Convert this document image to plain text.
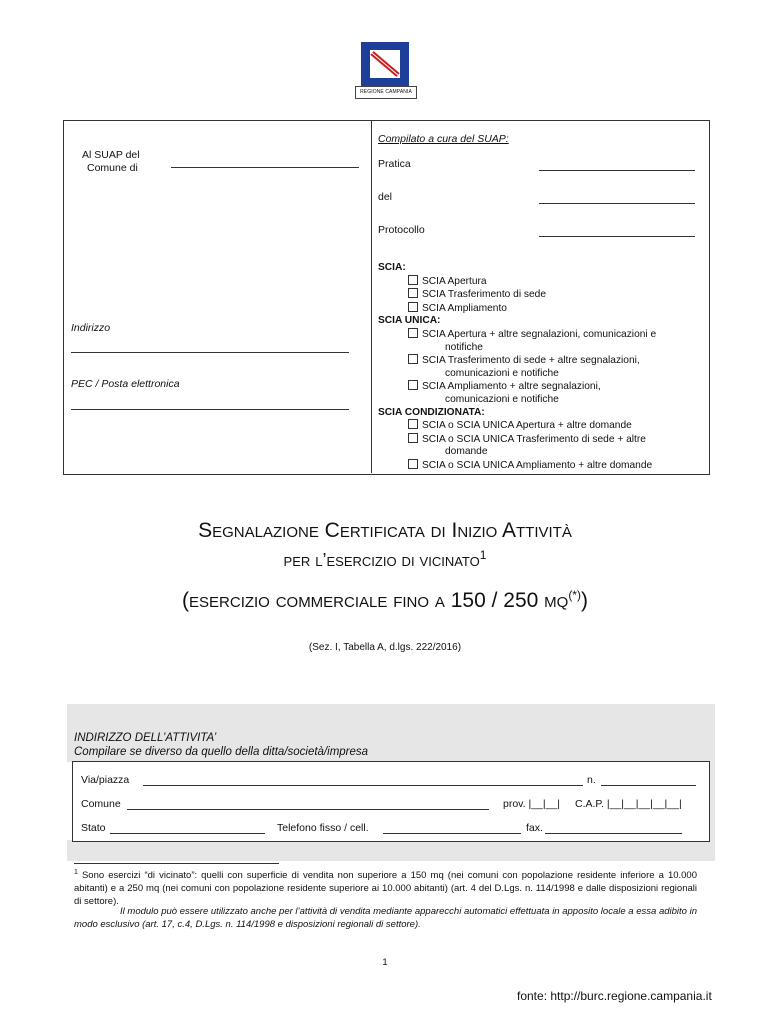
REGIONE CAMPANIA
Al SUAP del
Comune di
Indirizzo
PEC / Posta elettronica
Compilato a cura del SUAP:
Pratica
del
Protocollo
SCIA:
SCIA Apertura
SCIA Trasferimento di sede
SCIA Ampliamento
SCIA UNICA:
SCIA Apertura + altre segnalazioni, comunicazioni e
notifiche
SCIA Trasferimento di sede + altre segnalazioni,
comunicazioni e notifiche
SCIA Ampliamento + altre segnalazioni,
comunicazioni e notifiche
SCIA CONDIZIONATA:
SCIA o SCIA UNICA Apertura + altre domande
SCIA o SCIA UNICA Trasferimento di sede + altre
domande
SCIA o SCIA UNICA Ampliamento + altre domande
Segnalazione Certificata di Inizio Attività
per l’esercizio di vicinato$^1$
(esercizio commerciale fino a 150 / 250 mq(*))
(Sez. I, Tabella A, d.lgs. 222/2016)
INDIRIZZO DELL’ATTIVITA’
Compilare se diverso da quello della ditta/società/impresa
Via/piazza	n.
Comune	prov. |__|__| C.A.P. |__|__|__|__|__|
Stato	Telefono fisso / cell.	fax.
$^1$ Sono esercizi “di vicinato”: quelli con superficie di vendita non superiore a 150 mq (nei comuni con popolazione residente inferiore a 10.000 abitanti) e a 250 mq (nei comuni con popolazione residente superiore ai 10.000 abitanti) (art. 4 del D.Lgs. n. 114/1998 e dalle disposizioni regionali di settore).
Il modulo può essere utilizzato anche per l’attività di vendita mediante apparecchi automatici effettuata in apposito locale a essa adibito in modo esclusivo (art. 17, c.4, D.Lgs. n. 114/1998 e disposizioni regionali di settore).
1
fonte: http://burc.regione.campania.it
